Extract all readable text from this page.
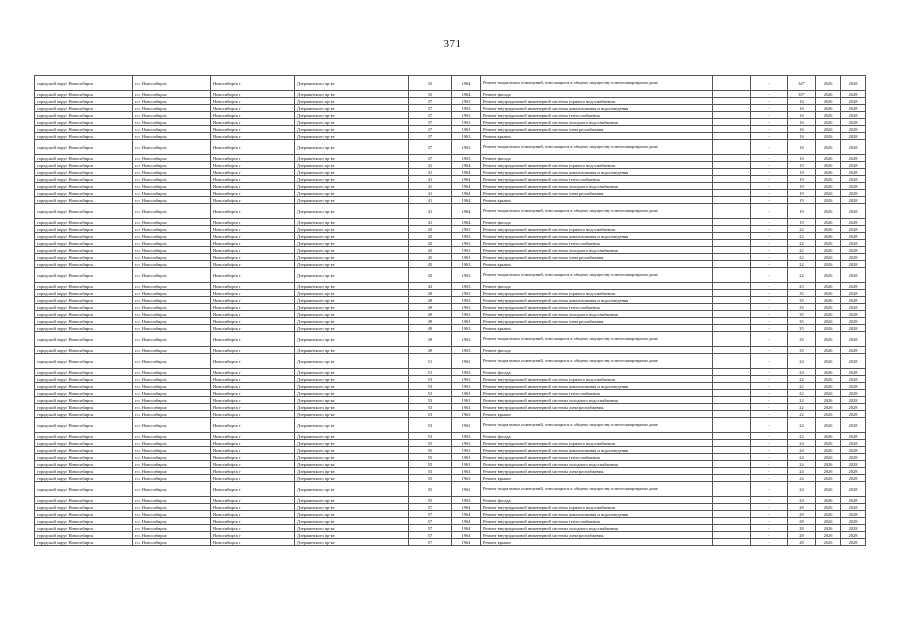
371
городской округ Новосибирск	г.о. Новосибирск	Новосибирск г	Дзержинского пр-кт	35	1964	Ремонт подвальных помещений, относящихся к общему имуществу в многоквартирном доме		-	34*	2026	2028
городской округ Новосибирск	г.о. Новосибирск	Новосибирск г	Дзержинского пр-кт	35	1964	Ремонт фасада		-	35*	2026	2028
городской округ Новосибирск	г.о. Новосибирск	Новосибирск г	Дзержинского пр-кт	37	1963	Ремонт внутридомовой инженерной системы горячего водоснабжения		-	16	2026	2028
городской округ Новосибирск	г.о. Новосибирск	Новосибирск г	Дзержинского пр-кт	37	1963	Ремонт внутридомовой инженерной системы канализования и водоотведения		-	16	2026	2028
городской округ Новосибирск	г.о. Новосибирск	Новосибирск г	Дзержинского пр-кт	37	1963	Ремонт внутридомовой инженерной системы теплоснабжения		-	16	2026	2028
городской округ Новосибирск	г.о. Новосибирск	Новосибирск г	Дзержинского пр-кт	37	1963	Ремонт внутридомовой инженерной системы холодного водоснабжения		-	16	2026	2028
городской округ Новосибирск	г.о. Новосибирск	Новосибирск г	Дзержинского пр-кт	37	1963	Ремонт внутридомовой инженерной системы электроснабжения		-	16	2026	2028
городской округ Новосибирск	г.о. Новосибирск	Новосибирск г	Дзержинского пр-кт	37	1963	Ремонт крыши		-	16	2026	2028
городской округ Новосибирск	г.о. Новосибирск	Новосибирск г	Дзержинского пр-кт	37	1963	Ремонт подвальных помещений, относящихся к общему имуществу в многоквартирном доме		-	16	2026	2028
городской округ Новосибирск	г.о. Новосибирск	Новосибирск г	Дзержинского пр-кт	37	1963	Ремонт фасада		-	16	2026	2028
городской округ Новосибирск	г.о. Новосибирск	Новосибирск г	Дзержинского пр-кт	41	1964	Ремонт внутридомовой инженерной системы горячего водоснабжения		-	19	2026	2028
городской округ Новосибирск	г.о. Новосибирск	Новосибирск г	Дзержинского пр-кт	41	1964	Ремонт внутридомовой инженерной системы канализования и водоотведения		-	19	2026	2028
городской округ Новосибирск	г.о. Новосибирск	Новосибирск г	Дзержинского пр-кт	41	1964	Ремонт внутридомовой инженерной системы теплоснабжения		-	19	2026	2028
городской округ Новосибирск	г.о. Новосибирск	Новосибирск г	Дзержинского пр-кт	41	1964	Ремонт внутридомовой инженерной системы холодного водоснабжения		-	19	2026	2028
городской округ Новосибирск	г.о. Новосибирск	Новосибирск г	Дзержинского пр-кт	41	1964	Ремонт внутридомовой инженерной системы электроснабжения		-	19	2026	2028
городской округ Новосибирск	г.о. Новосибирск	Новосибирск г	Дзержинского пр-кт	41	1964	Ремонт крыши		-	19	2026	2028
городской округ Новосибирск	г.о. Новосибирск	Новосибирск г	Дзержинского пр-кт	41	1964	Ремонт подвальных помещений, относящихся к общему имуществу в многоквартирном доме		-	19	2026	2028
городской округ Новосибирск	г.о. Новосибирск	Новосибирск г	Дзержинского пр-кт	41	1964	Ремонт фасада		-	19	2026	2028
городской округ Новосибирск	г.о. Новосибирск	Новосибирск г	Дзержинского пр-кт	45	1963	Ремонт внутридомовой инженерной системы горячего водоснабжения		-	22	2026	2028
городской округ Новосибирск	г.о. Новосибирск	Новосибирск г	Дзержинского пр-кт	45	1963	Ремонт внутридомовой инженерной системы канализования и водоотведения		-	22	2026	2028
городской округ Новосибирск	г.о. Новосибирск	Новосибирск г	Дзержинского пр-кт	45	1963	Ремонт внутридомовой инженерной системы теплоснабжения		-	22	2026	2028
городской округ Новосибирск	г.о. Новосибирск	Новосибирск г	Дзержинского пр-кт	45	1963	Ремонт внутридомовой инженерной системы холодного водоснабжения		-	22	2026	2028
городской округ Новосибирск	г.о. Новосибирск	Новосибирск г	Дзержинского пр-кт	45	1963	Ремонт внутридомовой инженерной системы электроснабжения		-	22	2026	2028
городской округ Новосибирск	г.о. Новосибирск	Новосибирск г	Дзержинского пр-кт	45	1963	Ремонт крыши		-	22	2026	2028
городской округ Новосибирск	г.о. Новосибирск	Новосибирск г	Дзержинского пр-кт	45	1963	Ремонт подвальных помещений, относящихся к общему имуществу в многоквартирном доме		-	22	2026	2028
городской округ Новосибирск	г.о. Новосибирск	Новосибирск г	Дзержинского пр-кт	43	1963	Ремонт фасада		-	25	2026	2028
городской округ Новосибирск	г.о. Новосибирск	Новосибирск г	Дзержинского пр-кт	49	1963	Ремонт внутридомовой инженерной системы горячего водоснабжения		-	35	2026	2028
городской округ Новосибирск	г.о. Новосибирск	Новосибирск г	Дзержинского пр-кт	49	1963	Ремонт внутридомовой инженерной системы канализования и водоотведения		-	35	2026	2028
городской округ Новосибирск	г.о. Новосибирск	Новосибирск г	Дзержинского пр-кт	49	1963	Ремонт внутридомовой инженерной системы теплоснабжения		-	35	2026	2028
городской округ Новосибирск	г.о. Новосибирск	Новосибирск г	Дзержинского пр-кт	49	1963	Ремонт внутридомовой инженерной системы холодного водоснабжения		-	35	2026	2028
городской округ Новосибирск	г.о. Новосибирск	Новосибирск г	Дзержинского пр-кт	49	1963	Ремонт внутридомовой инженерной системы электроснабжения		-	35	2026	2028
городской округ Новосибирск	г.о. Новосибирск	Новосибирск г	Дзержинского пр-кт	49	1963	Ремонт крыши		-	35	2026	2028
городской округ Новосибирск	г.о. Новосибирск	Новосибирск г	Дзержинского пр-кт	49	1963	Ремонт подвальных помещений, относящихся к общему имуществу в многоквартирном доме		-	35	2026	2028
городской округ Новосибирск	г.о. Новосибирск	Новосибирск г	Дзержинского пр-кт	49	1963	Ремонт фасада		-	35	2026	2028
городской округ Новосибирск	г.о. Новосибирск	Новосибирск г	Дзержинского пр-кт	51	1963	Ремонт подвальных помещений, относящихся к общему имуществу в многоквартирном доме		-	24	2026	2028
городской округ Новосибирск	г.о. Новосибирск	Новосибирск г	Дзержинского пр-кт	51	1963	Ремонт фасада		-	24	2026	2028
городской округ Новосибирск	г.о. Новосибирск	Новосибирск г	Дзержинского пр-кт	53	1963	Ремонт внутридомовой инженерной системы горячего водоснабжения		-	22	2026	2028
городской округ Новосибирск	г.о. Новосибирск	Новосибирск г	Дзержинского пр-кт	53	1963	Ремонт внутридомовой инженерной системы канализования и водоотведения		-	22	2026	2028
городской округ Новосибирск	г.о. Новосибирск	Новосибирск г	Дзержинского пр-кт	53	1963	Ремонт внутридомовой инженерной системы теплоснабжения		-	22	2026	2028
городской округ Новосибирск	г.о. Новосибирск	Новосибирск г	Дзержинского пр-кт	53	1963	Ремонт внутридомовой инженерной системы холодного водоснабжения		-	22	2026	2028
городской округ Новосибирск	г.о. Новосибирск	Новосибирск г	Дзержинского пр-кт	53	1963	Ремонт внутридомовой инженерной системы электроснабжения		-	22	2026	2028
городской округ Новосибирск	г.о. Новосибирск	Новосибирск г	Дзержинского пр-кт	53	1963	Ремонт крыши		-	22	2026	2028
городской округ Новосибирск	г.о. Новосибирск	Новосибирск г	Дзержинского пр-кт	53	1963	Ремонт подвальных помещений, относящихся к общему имуществу в многоквартирном доме		-	22	2026	2028
городской округ Новосибирск	г.о. Новосибирск	Новосибирск г	Дзержинского пр-кт	53	1963	Ремонт фасада		-	22	2026	2028
городской округ Новосибирск	г.о. Новосибирск	Новосибирск г	Дзержинского пр-кт	55	1963	Ремонт внутридомовой инженерной системы горячего водоснабжения		-	24	2026	2028
городской округ Новосибирск	г.о. Новосибирск	Новосибирск г	Дзержинского пр-кт	55	1963	Ремонт внутридомовой инженерной системы канализования и водоотведения		-	24	2026	2028
городской округ Новосибирск	г.о. Новосибирск	Новосибирск г	Дзержинского пр-кт	55	1963	Ремонт внутридомовой инженерной системы теплоснабжения		-	24	2026	2028
городской округ Новосибирск	г.о. Новосибирск	Новосибирск г	Дзержинского пр-кт	55	1963	Ремонт внутридомовой инженерной системы холодного водоснабжения		-	24	2026	2028
городской округ Новосибирск	г.о. Новосибирск	Новосибирск г	Дзержинского пр-кт	55	1963	Ремонт внутридомовой инженерной системы электроснабжения		-	24	2026	2028
городской округ Новосибирск	г.о. Новосибирск	Новосибирск г	Дзержинского пр-кт	55	1963	Ремонт крыши		-	24	2026	2028
городской округ Новосибирск	г.о. Новосибирск	Новосибирск г	Дзержинского пр-кт	55	1963	Ремонт подвальных помещений, относящихся к общему имуществу в многоквартирном доме		-	24	2026	2028
городской округ Новосибирск	г.о. Новосибирск	Новосибирск г	Дзержинского пр-кт	55	1963	Ремонт фасада		-	24	2026	2028
городской округ Новосибирск	г.о. Новосибирск	Новосибирск г	Дзержинского пр-кт	57	1964	Ремонт внутридомовой инженерной системы горячего водоснабжения		-	28	2026	2028
городской округ Новосибирск	г.о. Новосибирск	Новосибирск г	Дзержинского пр-кт	57	1964	Ремонт внутридомовой инженерной системы канализования и водоотведения		-	28	2026	2028
городской округ Новосибирск	г.о. Новосибирск	Новосибирск г	Дзержинского пр-кт	57	1964	Ремонт внутридомовой инженерной системы теплоснабжения		-	28	2026	2028
городской округ Новосибирск	г.о. Новосибирск	Новосибирск г	Дзержинского пр-кт	57	1964	Ремонт внутридомовой инженерной системы холодного водоснабжения		-	28	2026	2028
городской округ Новосибирск	г.о. Новосибирск	Новосибирск г	Дзержинского пр-кт	57	1964	Ремонт внутридомовой инженерной системы электроснабжения		-	28	2026	2028
городской округ Новосибирск	г.о. Новосибирск	Новосибирск г	Дзержинского пр-кт	57	1964	Ремонт крыши		-	28	2026	2028
